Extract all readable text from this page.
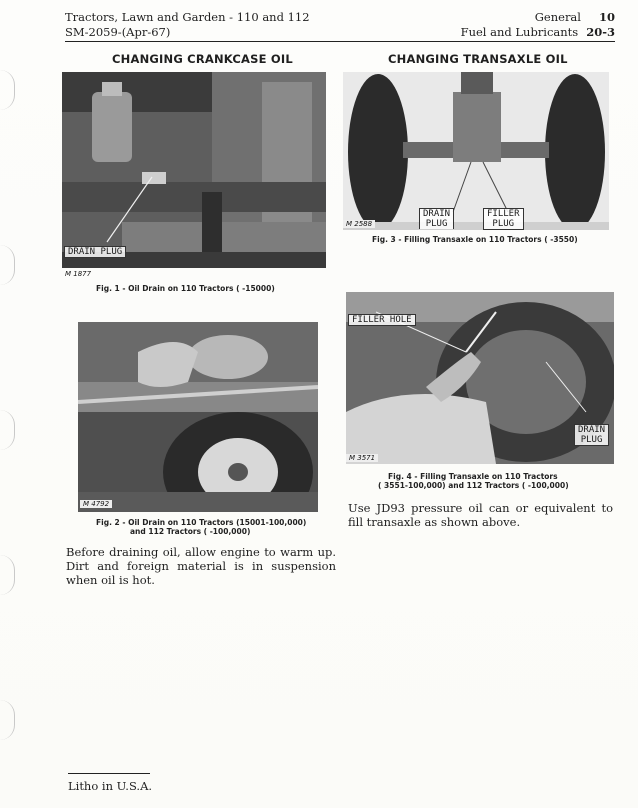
Tractors, Lawn and Garden - 110 and 112
SM-2059-(Apr-67)
General 10
Fuel and Lubricants 20-3
CHANGING CRANKCASE OIL	CHANGING TRANSAXLE OIL
DRAIN PLUG
M 1877
Fig. 1 - Oil Drain on 110 Tractors ( -15000)
M 4792
Fig. 2 - Oil Drain on 110 Tractors (15001-100,000)
and 112 Tractors ( -100,000)
Before draining oil, allow engine to warm up. Dirt and foreign material is in suspension when oil is hot.
DRAIN
PLUG
FILLER
PLUG
M 2588
Fig. 3 - Filling Transaxle on 110 Tractors ( -3550)
FILLER HOLE
DRAIN
PLUG
M 3571
Fig. 4 - Filling Transaxle on 110 Tractors
( 3551-100,000) and 112 Tractors ( -100,000)
Use JD93 pressure oil can or equivalent to fill transaxle as shown above.
Litho in U.S.A.
